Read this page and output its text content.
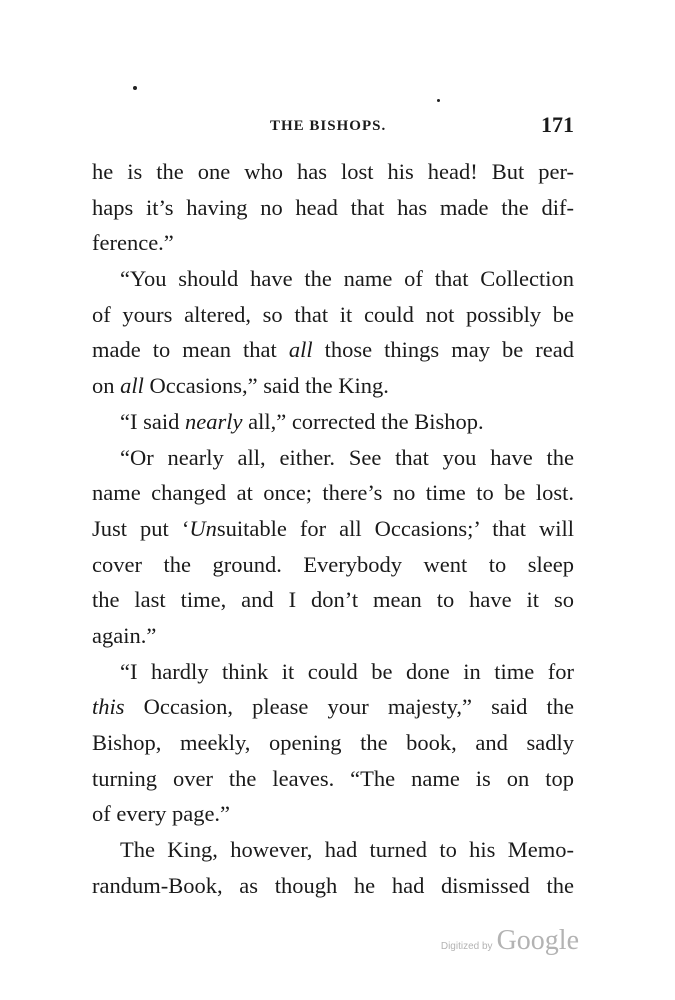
THE BISHOPS.	171
he is the one who has lost his head! But per-
haps it’s having no head that has made the dif-
ference.”
“You should have the name of that Collection
of yours altered, so that it could not possibly be
made to mean that all those things may be read
on all Occasions,” said the King.
“I said nearly all,” corrected the Bishop.
“Or nearly all, either. See that you have the
name changed at once; there’s no time to be lost.
Just put ‘Unsuitable for all Occasions;’ that will
cover the ground. Everybody went to sleep
the last time, and I don’t mean to have it so
again.”
“I hardly think it could be done in time for
this Occasion, please your majesty,” said the
Bishop, meekly, opening the book, and sadly
turning over the leaves. “The name is on top
of every page.”
The King, however, had turned to his Memo-
randum-Book, as though he had dismissed the
Digitized by Google
